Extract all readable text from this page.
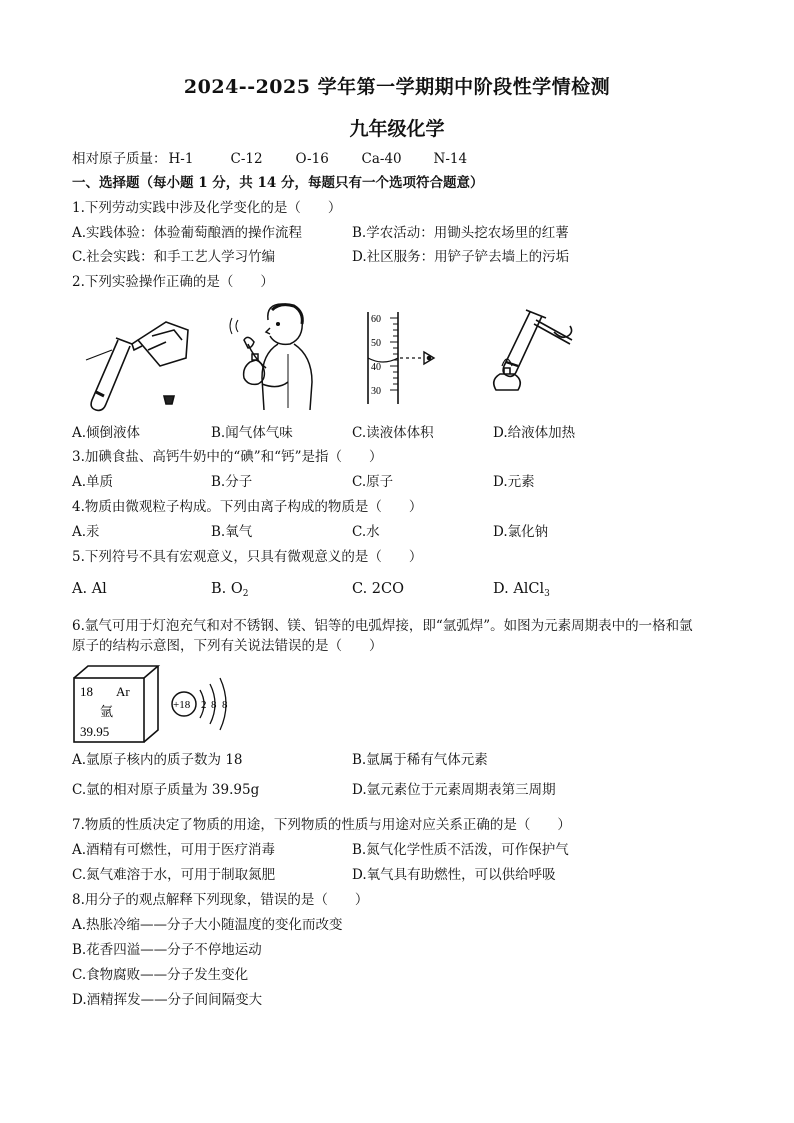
2024--2025 学年第一学期期中阶段性学情检测
九年级化学
相对原子质量： H-1	C-12 O-16 Ca-40 N-14
一、选择题（每小题 1 分，共 14 分，每题只有一个选项符合题意）
1.下列劳动实践中涉及化学变化的是（　　）
A.实践体验：体验葡萄酿酒的操作流程	B.学农活动：用锄头挖农场里的红薯
C.社会实践：和手工艺人学习竹编	D.社区服务：用铲子铲去墙上的污垢
2.下列实验操作正确的是（　　）
60
50
40
30
A.倾倒液体	B.闻气体气味	C.读液体体积	D.给液体加热
3.加碘食盐、高钙牛奶中的“碘”和“钙”是指（　　）
A.单质	B.分子	C.原子	D.元素
4.物质由微观粒子构成。下列由离子构成的物质是（　　）
A.汞	B.氧气	C.水	D.氯化钠
5.下列符号不具有宏观意义，只具有微观意义的是（　　）
A. Al	B. $O_2$	C. 2CO	D. AlCl$_3$
6.氩气可用于灯泡充气和对不锈钢、镁、铝等的电弧焊接，即“氩弧焊”。如图为元素周期表中的一格和氩
原子的结构示意图，下列有关说法错误的是（　　）
18 Ar
氩
39.95
+18 2 8 8
A.氩原子核内的质子数为 18	B.氩属于稀有气体元素
C.氩的相对原子质量为 39.95g	D.氩元素位于元素周期表第三周期
7.物质的性质决定了物质的用途，下列物质的性质与用途对应关系正确的是（　　）
A.酒精有可燃性，可用于医疗消毒	B.氮气化学性质不活泼，可作保护气
C.氮气难溶于水，可用于制取氮肥	D.氧气具有助燃性，可以供给呼吸
8.用分子的观点解释下列现象，错误的是（　　）
A.热胀冷缩——分子大小随温度的变化而改变
B.花香四溢——分子不停地运动
C.食物腐败——分子发生变化
D.酒精挥发——分子间间隔变大
